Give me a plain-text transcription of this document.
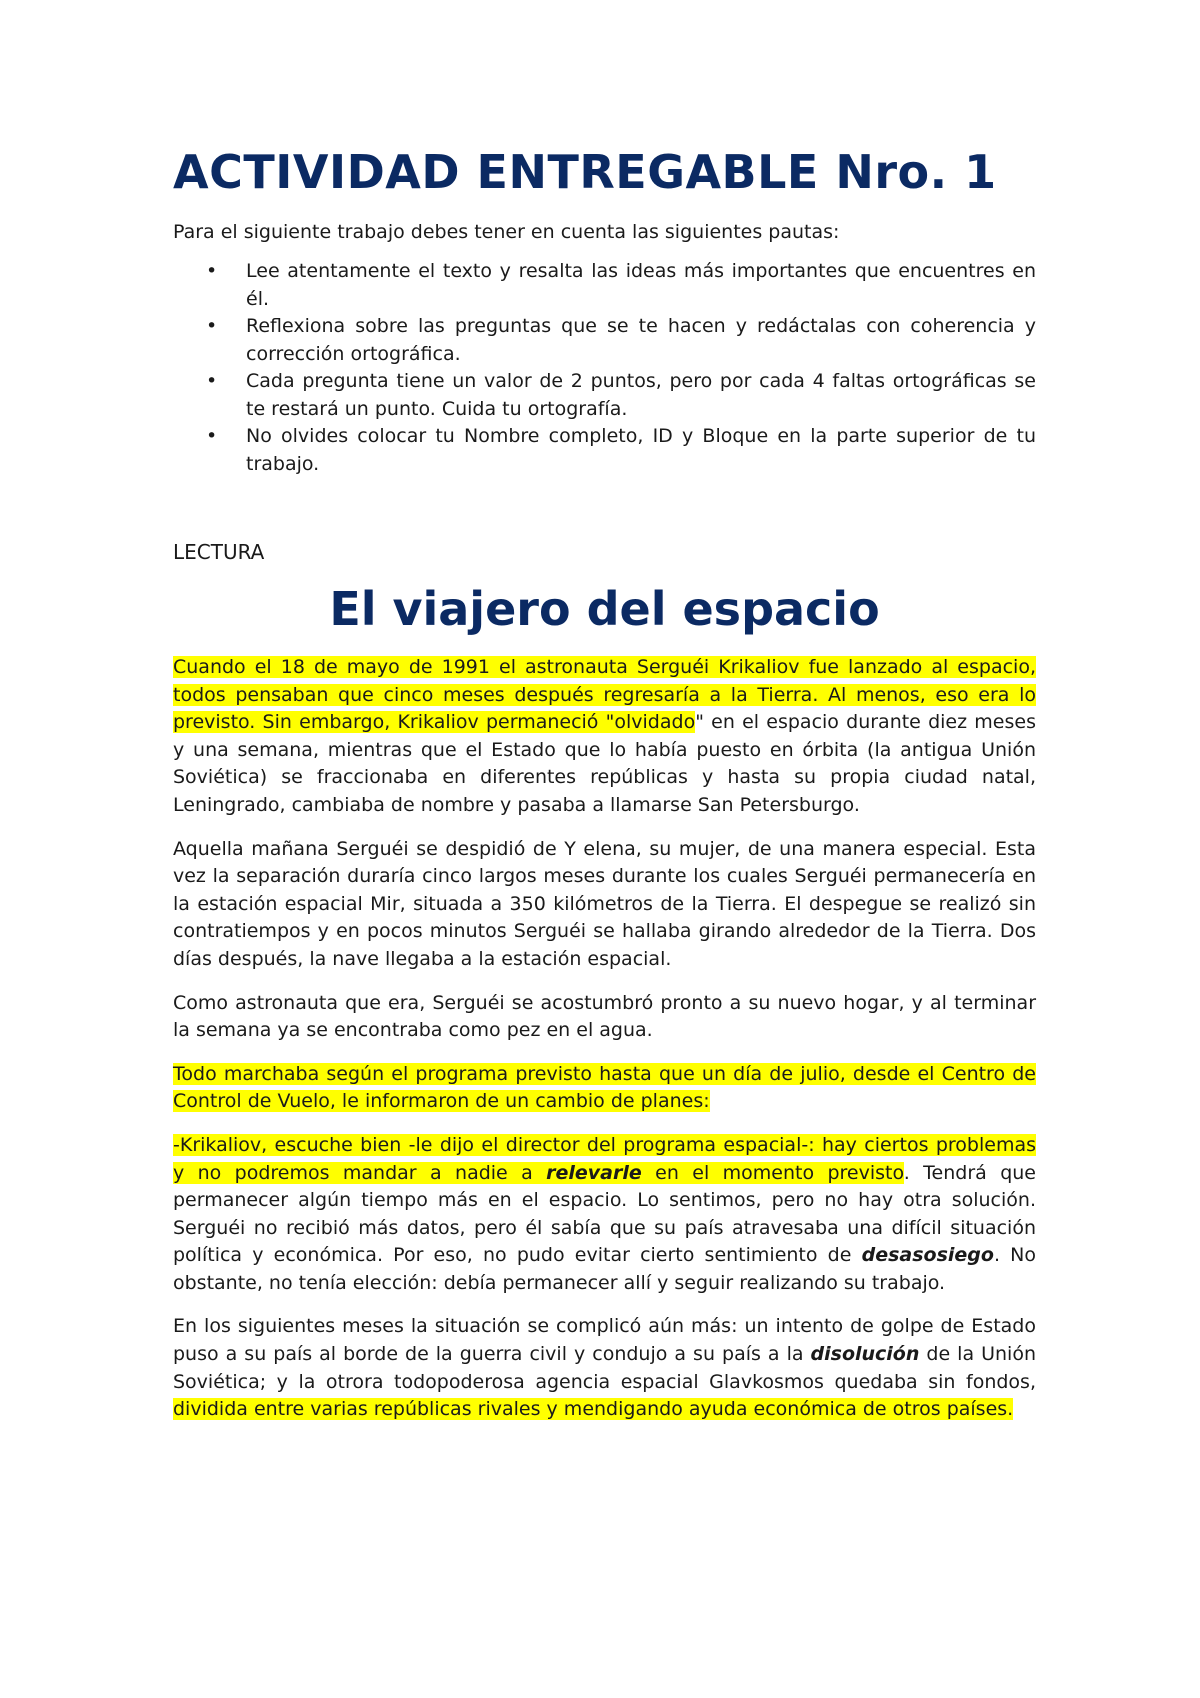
ACTIVIDAD ENTREGABLE Nro. 1

Para el siguiente trabajo debes tener en cuenta las siguientes pautas:

• Lee atentamente el texto y resalta las ideas más importantes que encuentres en él.
• Reflexiona sobre las preguntas que se te hacen y redáctalas con coherencia y corrección ortográfica.
• Cada pregunta tiene un valor de 2 puntos, pero por cada 4 faltas ortográficas se te restará un punto. Cuida tu ortografía.
• No olvides colocar tu Nombre completo, ID y Bloque en la parte superior de tu trabajo.

LECTURA

El viajero del espacio

Cuando el 18 de mayo de 1991 el astronauta Serguéi Krikaliov fue lanzado al espacio, todos pensaban que cinco meses después regresaría a la Tierra. Al menos, eso era lo previsto. Sin embargo, Krikaliov permaneció "olvidado" en el espacio durante diez meses y una semana, mientras que el Estado que lo había puesto en órbita (la antigua Unión Soviética) se fraccionaba en diferentes repúblicas y hasta su propia ciudad natal, Leningrado, cambiaba de nombre y pasaba a llamarse San Petersburgo.

Aquella mañana Serguéi se despidió de Y elena, su mujer, de una manera especial. Esta vez la separación duraría cinco largos meses durante los cuales Serguéi permanecería en la estación espacial Mir, situada a 350 kilómetros de la Tierra. El despegue se realizó sin contratiempos y en pocos minutos Serguéi se hallaba girando alrededor de la Tierra. Dos días después, la nave llegaba a la estación espacial.

Como astronauta que era, Serguéi se acostumbró pronto a su nuevo hogar, y al terminar la semana ya se encontraba como pez en el agua.

Todo marchaba según el programa previsto hasta que un día de julio, desde el Centro de Control de Vuelo, le informaron de un cambio de planes:

-Krikaliov, escuche bien -le dijo el director del programa espacial-: hay ciertos problemas y no podremos mandar a nadie a relevarle en el momento previsto. Tendrá que permanecer algún tiempo más en el espacio. Lo sentimos, pero no hay otra solución. Serguéi no recibió más datos, pero él sabía que su país atravesaba una difícil situación política y económica. Por eso, no pudo evitar cierto sentimiento de desasosiego. No obstante, no tenía elección: debía permanecer allí y seguir realizando su trabajo.

En los siguientes meses la situación se complicó aún más: un intento de golpe de Estado puso a su país al borde de la guerra civil y condujo a su país a la disolución de la Unión Soviética; y la otrora todopoderosa agencia espacial Glavkosmos quedaba sin fondos, dividida entre varias repúblicas rivales y mendigando ayuda económica de otros países.
